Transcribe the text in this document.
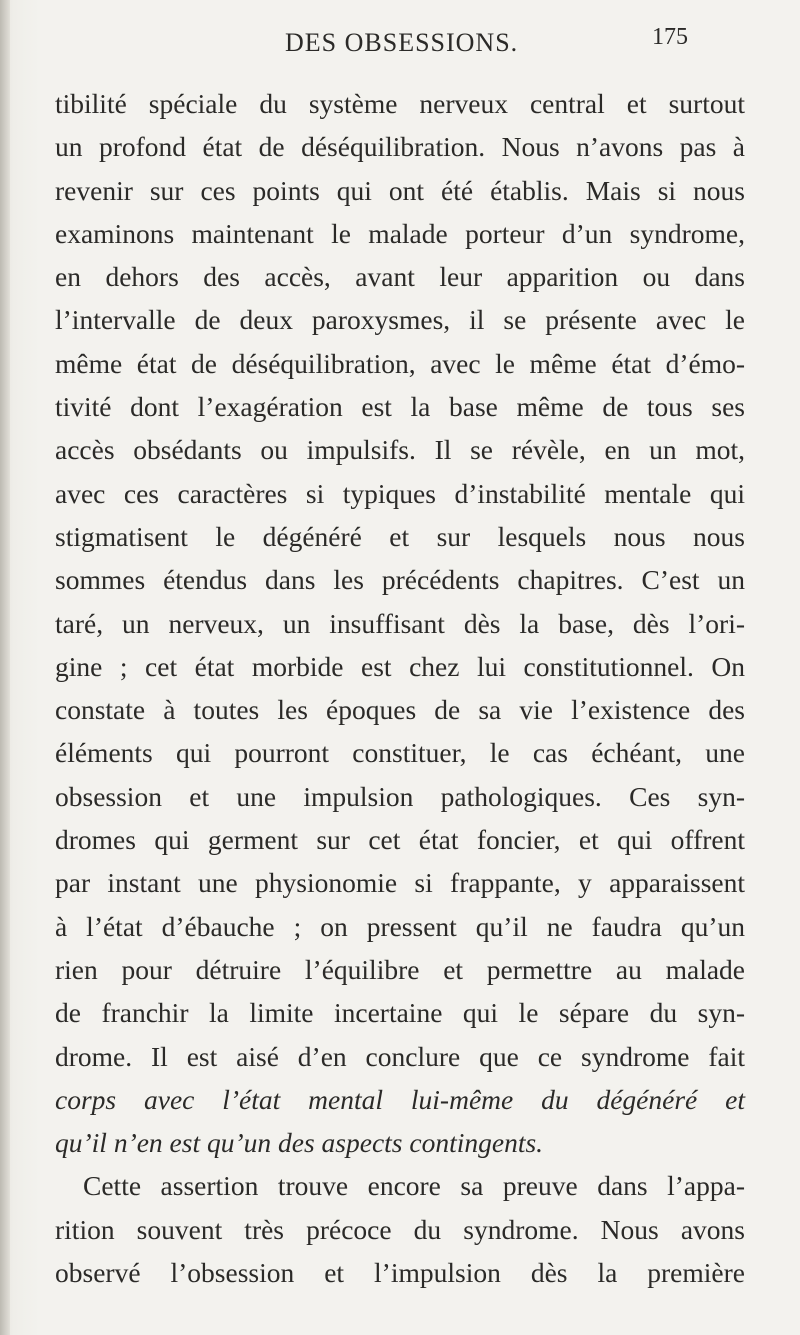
DES OBSESSIONS.	175
tibilité spéciale du système nerveux central et surtout
un profond état de déséquilibration. Nous n’avons pas à
revenir sur ces points qui ont été établis. Mais si nous
examinons maintenant le malade porteur d’un syndrome,
en dehors des accès, avant leur apparition ou dans
l’intervalle de deux paroxysmes, il se présente avec le
même état de déséquilibration, avec le même état d’émo-
tivité dont l’exagération est la base même de tous ses
accès obsédants ou impulsifs. Il se révèle, en un mot,
avec ces caractères si typiques d’instabilité mentale qui
stigmatisent le dégénéré et sur lesquels nous nous
sommes étendus dans les précédents chapitres. C’est un
taré, un nerveux, un insuffisant dès la base, dès l’ori-
gine ; cet état morbide est chez lui constitutionnel. On
constate à toutes les époques de sa vie l’existence des
éléments qui pourront constituer, le cas échéant, une
obsession et une impulsion pathologiques. Ces syn-
dromes qui germent sur cet état foncier, et qui offrent
par instant une physionomie si frappante, y apparaissent
à l’état d’ébauche ; on pressent qu’il ne faudra qu’un
rien pour détruire l’équilibre et permettre au malade
de franchir la limite incertaine qui le sépare du syn-
drome. Il est aisé d’en conclure que ce syndrome fait
corps avec l’état mental lui-même du dégénéré et
qu’il n’en est qu’un des aspects contingents.
Cette assertion trouve encore sa preuve dans l’appa-
rition souvent très précoce du syndrome. Nous avons
observé l’obsession et l’impulsion dès la première
